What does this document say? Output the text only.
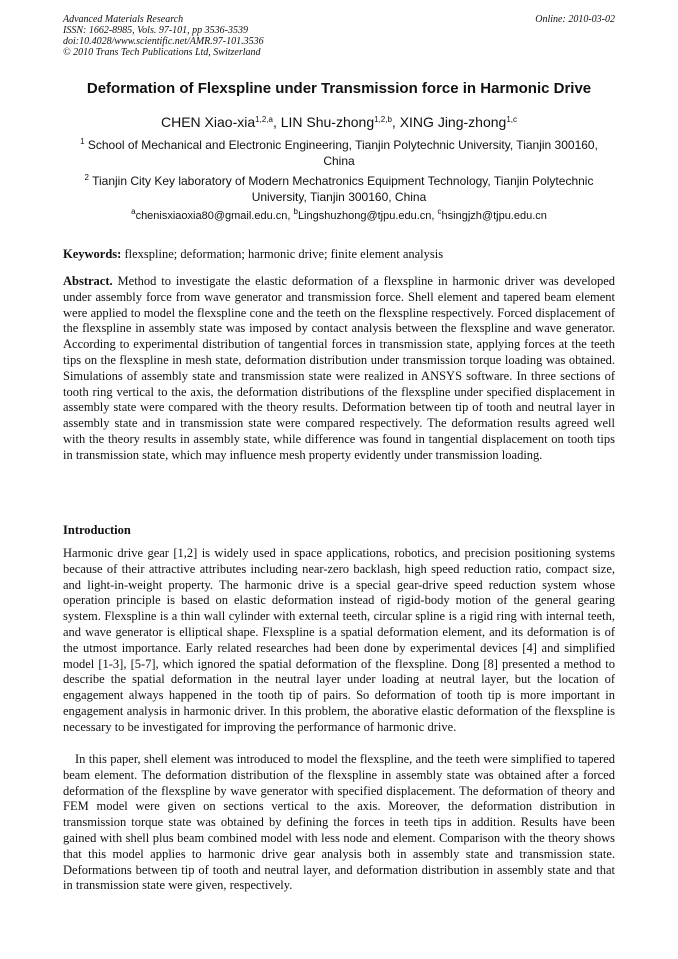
Advanced Materials Research
ISSN: 1662-8985, Vols. 97-101, pp 3536-3539
doi:10.4028/www.scientific.net/AMR.97-101.3536
© 2010 Trans Tech Publications Ltd, Switzerland
Online: 2010-03-02
Deformation of Flexspline under Transmission force in Harmonic Drive
CHEN Xiao-xia$^{1,2,a}$, LIN Shu-zhong$^{1,2,b}$, XING Jing-zhong$^{1,c}$
$^1$ School of Mechanical and Electronic Engineering, Tianjin Polytechnic University, Tianjin 300160, China
$^2$ Tianjin City Key laboratory of Modern Mechatronics Equipment Technology, Tianjin Polytechnic University, Tianjin 300160, China
$^a$chenisxiaoxia80@gmail.edu.cn, $^b$Lingshuzhong@tjpu.edu.cn, $^c$hsingjzh@tjpu.edu.cn

Keywords: flexspline; deformation; harmonic drive; finite element analysis

Abstract. Method to investigate the elastic deformation of a flexspline in harmonic driver was developed under assembly force from wave generator and transmission force. Shell element and tapered beam element were applied to model the flexspline cone and the teeth on the flexspline respectively. Forced displacement of the flexspline in assembly state was imposed by contact analysis between the flexspline and wave generator. According to experimental distribution of tangential forces in transmission state, applying forces at the teeth tips on the flexspline in mesh state, deformation distribution under transmission torque loading was obtained. Simulations of assembly state and transmission state were realized in ANSYS software. In three sections of tooth ring vertical to the axis, the deformation distributions of the flexspline under specified displacement in assembly state were compared with the theory results. Deformation between tip of tooth and neutral layer in assembly state and in transmission state were compared respectively. The deformation results agreed well with the theory results in assembly state, while difference was found in tangential displacement on tooth tips in transmission state, which may influence mesh property evidently under transmission loading.

Introduction

Harmonic drive gear [1,2] is widely used in space applications, robotics, and precision positioning systems because of their attractive attributes including near-zero backlash, high speed reduction ratio, compact size, and light-in-weight property. The harmonic drive is a special gear-drive speed reduction system whose operation principle is based on elastic deformation instead of rigid-body motion of the general gearing system. Flexspline is a thin wall cylinder with external teeth, circular spline is a rigid ring with internal teeth, and wave generator is elliptical shape. Flexspline is a spatial deformation element, and its deformation is of the utmost importance. Early related researches had been done by experimental devices [4] and simplified model [1-3], [5-7], which ignored the spatial deformation of the flexspline. Dong [8] presented a method to describe the spatial deformation in the neutral layer under loading at neutral layer, but the location of engagement always happened in the tooth tip of pairs. So deformation of tooth tip is more important in engagement analysis in harmonic driver. In this problem, the aborative elastic deformation of the flexspline is necessary to be investigated for improving the performance of harmonic drive.

In this paper, shell element was introduced to model the flexspline, and the teeth were simplified to tapered beam element. The deformation distribution of the flexspline in assembly state was obtained after a forced deformation of the flexspline by wave generator with specified displacement. The deformation of theory and FEM model were given on sections vertical to the axis. Moreover, the deformation distribution in transmission torque state was obtained by defining the forces in teeth tips in addition. Results have been gained with shell plus beam combined model with less node and element. Comparison with the theory shows that this model applies to harmonic drive gear analysis both in assembly state and transmission state. Deformations between tip of tooth and neutral layer, and deformation distribution in assembly state and that in transmission state were given, respectively.
